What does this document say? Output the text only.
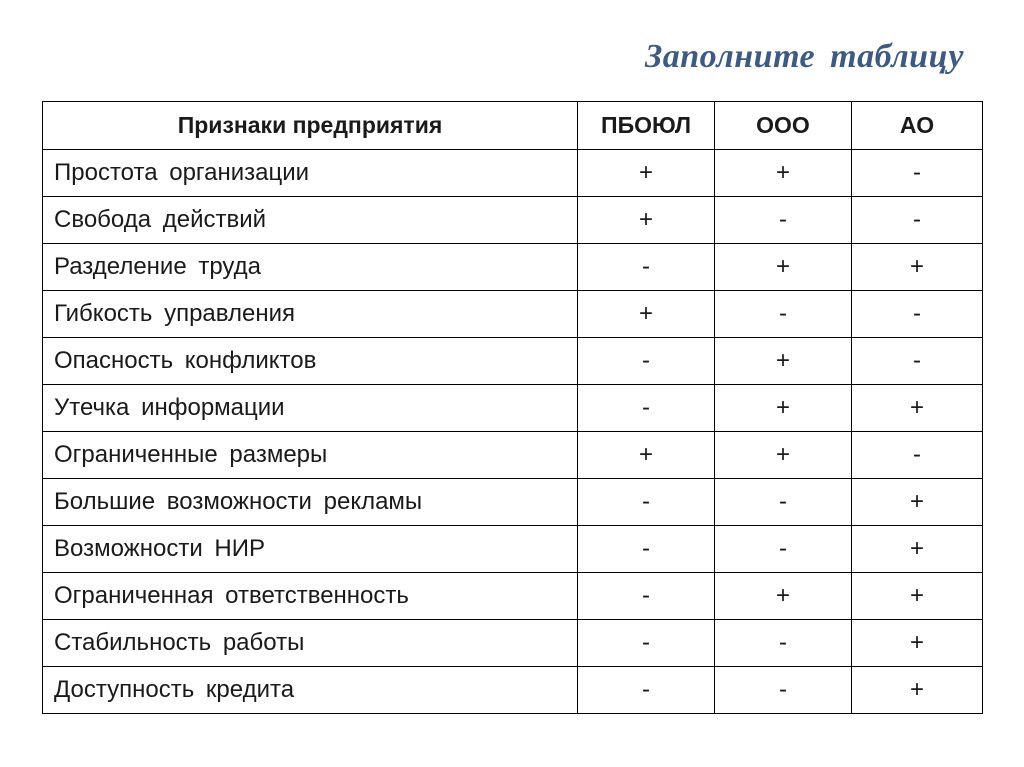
Заполните таблицу
Признаки предприятия	ПБОЮЛ	ООО	АО
Простота организации	+	+	-
Свобода действий	+	-	-
Разделение труда	-	+	+
Гибкость управления	+	-	-
Опасность конфликтов	-	+	-
Утечка информации	-	+	+
Ограниченные размеры	+	+	-
Большие возможности рекламы	-	-	+
Возможности НИР	-	-	+
Ограниченная ответственность	-	+	+
Стабильность работы	-	-	+
Доступность кредита	-	-	+
